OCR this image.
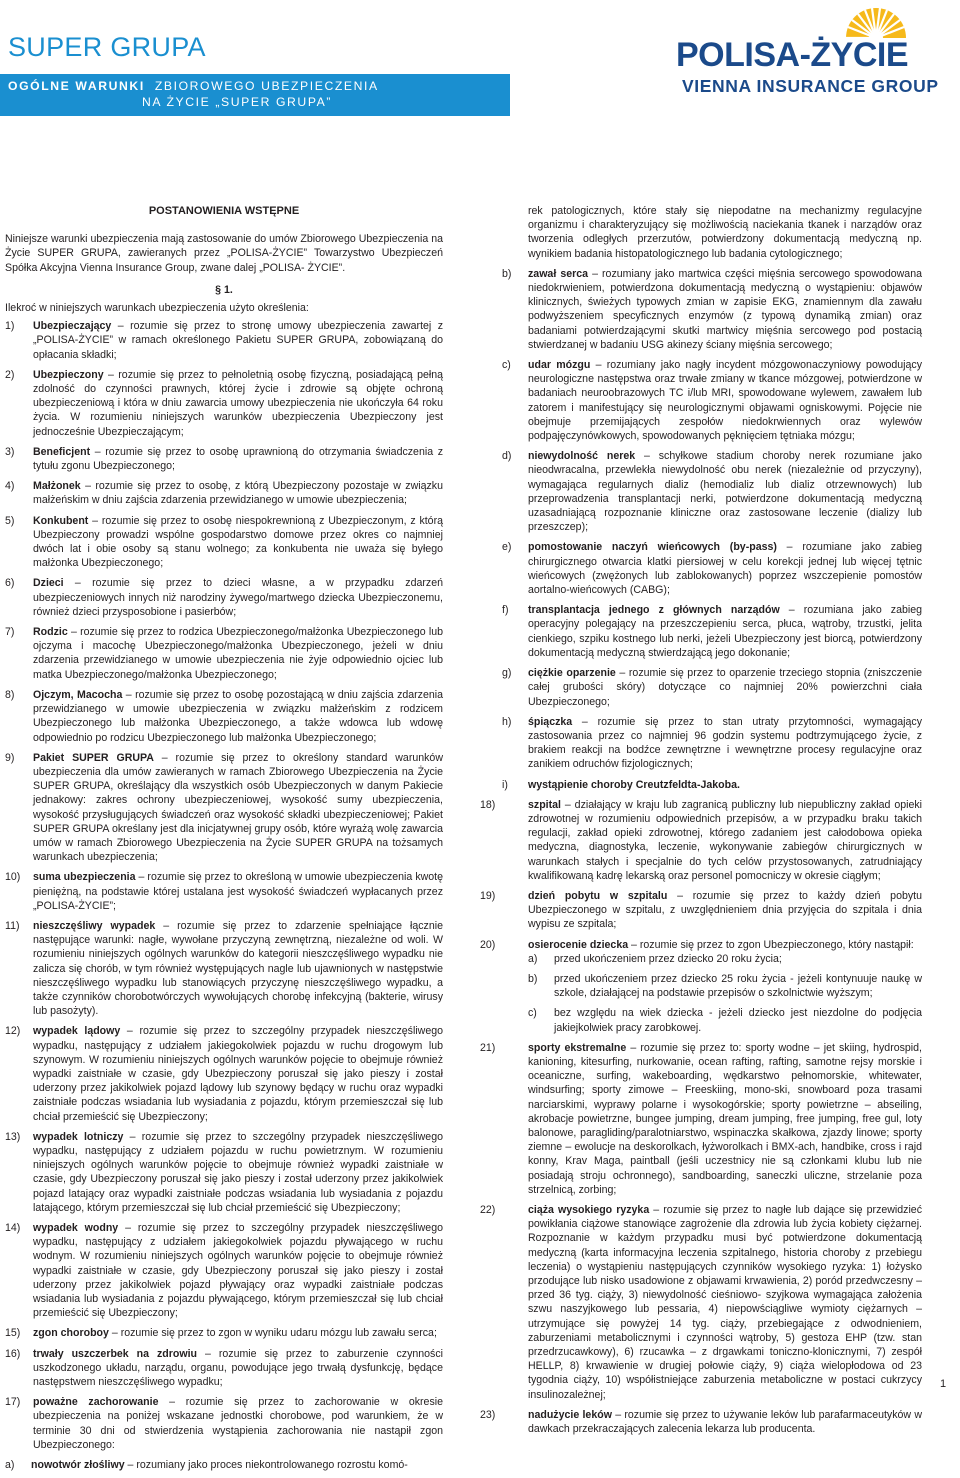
SUPER GRUPA
OGÓLNE WARUNKI ZBIOROWEGO UBEZPIECZENIA
NA ŻYCIE „SUPER GRUPA”
POLISA-ŻYCIE
VIENNA INSURANCE GROUP
POSTANOWIENIA WSTĘPNE
Niniejsze warunki ubezpieczenia mają zastosowanie do umów Zbiorowego Ubezpieczenia na Życie SUPER GRUPA, zawieranych przez „POLISA-ŻYCIE” Towarzystwo Ubezpieczeń Spółka Akcyjna Vienna Insurance Group, zwane dalej „POLISA- ŻYCIE”.
§ 1.
Ilekroć w niniejszych warunkach ubezpieczenia użyto określenia:
1) Ubezpieczający – rozumie się przez to stronę umowy ubezpieczenia zawartej z „POLISA-ŻYCIE” w ramach określonego Pakietu SUPER GRUPA, zobowiązaną do opłacania składki;
2) Ubezpieczony – rozumie się przez to pełnoletnią osobę fizyczną, posiadającą pełną zdolność do czynności prawnych, której życie i zdrowie są objęte ochroną ubezpieczeniową i która w dniu zawarcia umowy ubezpieczenia nie ukończyła 64 roku życia. W rozumieniu niniejszych warunków ubezpieczenia Ubezpieczony jest jednocześnie Ubezpieczającym;
3) Beneficjent – rozumie się przez to osobę uprawnioną do otrzymania świadczenia z tytułu zgonu Ubezpieczonego;
4) Małżonek – rozumie się przez to osobę, z którą Ubezpieczony pozostaje w związku małżeńskim w dniu zajścia zdarzenia przewidzianego w umowie ubezpieczenia;
5) Konkubent – rozumie się przez to osobę niespokrewnioną z Ubezpieczonym, z którą Ubezpieczony prowadzi wspólne gospodarstwo domowe przez okres co najmniej dwóch lat i obie osoby są stanu wolnego; za konkubenta nie uważa się byłego małżonka Ubezpieczonego;
6) Dzieci – rozumie się przez to dzieci własne, a w przypadku zdarzeń ubezpieczeniowych innych niż narodziny żywego/martwego dziecka Ubezpieczonemu, również dzieci przysposobione i pasierbów;
7) Rodzic – rozumie się przez to rodzica Ubezpieczonego/małżonka Ubezpieczonego lub ojczyma i macochę Ubezpieczonego/małżonka Ubezpieczonego, jeżeli w dniu zdarzenia przewidzianego w umowie ubezpieczenia nie żyje odpowiednio ojciec lub matka Ubezpieczonego/małżonka Ubezpieczonego;
8) Ojczym, Macocha – rozumie się przez to osobę pozostającą w dniu zajścia zdarzenia przewidzianego w umowie ubezpieczenia w związku małżeńskim z rodzicem Ubezpieczonego lub małżonka Ubezpieczonego, a także wdowca lub wdowę odpowiednio po rodzicu Ubezpieczonego lub małżonka Ubezpieczonego;
9) Pakiet SUPER GRUPA – rozumie się przez to określony standard warunków ubezpieczenia dla umów zawieranych w ramach Zbiorowego Ubezpieczenia na Życie SUPER GRUPA, określający dla wszystkich osób Ubezpieczonych w danym Pakiecie jednakowy: zakres ochrony ubezpieczeniowej, wysokość sumy ubezpieczenia, wysokość przysługujących świadczeń oraz wysokość składki ubezpieczeniowej; Pakiet SUPER GRUPA określany jest dla inicjatywnej grupy osób, które wyrażą wolę zawarcia umów w ramach Zbiorowego Ubezpieczenia na Życie SUPER GRUPA na tożsamych warunkach ubezpieczenia;
10) suma ubezpieczenia – rozumie się przez to określoną w umowie ubezpieczenia kwotę pieniężną, na podstawie której ustalana jest wysokość świadczeń wypłacanych przez „POLISA-ŻYCIE”;
11) nieszczęśliwy wypadek – rozumie się przez to zdarzenie spełniające łącznie następujące warunki: nagłe, wywołane przyczyną zewnętrzną, niezależne od woli. W rozumieniu niniejszych ogólnych warunków do kategorii nieszczęśliwego wypadku nie zalicza się chorób, w tym również występujących nagle lub ujawnionych w następstwie nieszczęśliwego wypadku lub stanowiących przyczynę nieszczęśliwego wypadku, a także czynników chorobotwórczych wywołujących chorobę infekcyjną (bakterie, wirusy lub pasożyty).
12) wypadek lądowy – rozumie się przez to szczególny przypadek nieszczęśliwego wypadku, następujący z udziałem jakiegokolwiek pojazdu w ruchu drogowym lub szynowym. W rozumieniu niniejszych ogólnych warunków pojęcie to obejmuje również wypadki zaistniałe w czasie, gdy Ubezpieczony poruszał się jako pieszy i został uderzony przez jakikolwiek pojazd lądowy lub szynowy będący w ruchu oraz wypadki zaistniałe podczas wsiadania lub wysiadania z pojazdu, którym przemieszczał się lub chciał przemieścić się Ubezpieczony;
13) wypadek lotniczy – rozumie się przez to szczególny przypadek nieszczęśliwego wypadku, następujący z udziałem pojazdu w ruchu powietrznym. W rozumieniu niniejszych ogólnych warunków pojęcie to obejmuje również wypadki zaistniałe w czasie, gdy Ubezpieczony poruszał się jako pieszy i został uderzony przez jakikolwiek pojazd latający oraz wypadki zaistniałe podczas wsiadania lub wysiadania z pojazdu latającego, którym przemieszczał się lub chciał przemieścić się Ubezpieczony;
14) wypadek wodny – rozumie się przez to szczególny przypadek nieszczęśliwego wypadku, następujący z udziałem jakiegokolwiek pojazdu pływającego w ruchu wodnym. W rozumieniu niniejszych ogólnych warunków pojęcie to obejmuje również wypadki zaistniałe w czasie, gdy Ubezpieczony poruszał się jako pieszy i został uderzony przez jakikolwiek pojazd pływający oraz wypadki zaistniałe podczas wsiadania lub wysiadania z pojazdu pływającego, którym przemieszczał się lub chciał przemieścić się Ubezpieczony;
15) zgon choroboy – rozumie się przez to zgon w wyniku udaru mózgu lub zawału serca;
16) trwały uszczerbek na zdrowiu – rozumie się przez to zaburzenie czynności uszkodzonego układu, narządu, organu, powodujące jego trwałą dysfunkcję, będące następstwem nieszczęśliwego wypadku;
17) poważne zachorowanie – rozumie się przez to zachorowanie w okresie ubezpieczenia na poniżej wskazane jednostki chorobowe, pod warunkiem, że w terminie 30 dni od stwierdzenia wystąpienia zachorowania nie nastąpił zgon Ubezpieczonego:
a) nowotwór złośliwy – rozumiany jako proces niekontrolowanego rozrostu komó-
rek patologicznych, które stały się niepodatne na mechanizmy regulacyjne organizmu i charakteryzujący się możliwością naciekania tkanek i narządów oraz tworzenia odległych przerzutów, potwierdzony dokumentacją medyczną np. wynikiem badania histopatologicznego lub badania cytologicznego;
b) zawał serca – rozumiany jako martwica części mięśnia sercowego spowodowana niedokrwieniem, potwierdzona dokumentacją medyczną o wystąpieniu: objawów klinicznych, świeżych typowych zmian w zapisie EKG, znamiennym dla zawału podwyższeniem specyficznych enzymów (z typową dynamiką zmian) oraz badaniami potwierdzającymi skutki martwicy mięśnia sercowego pod postacią stwierdzanej w badaniu USG akinezy ściany mięśnia sercowego;
c) udar mózgu – rozumiany jako nagły incydent mózgowonaczyniowy powodujący neurologiczne następstwa oraz trwałe zmiany w tkance mózgowej, potwierdzone w badaniach neuroobrazowych TC i/lub MRI, spowodowane wylewem, zawałem lub zatorem i manifestujący się neurologicznymi objawami ogniskowymi. Pojęcie nie obejmuje przemijających zespołów niedokrwiennych oraz wylewów podpajęczynówkowych, spowodowanych pęknięciem tętniaka mózgu;
d) niewydolność nerek – schyłkowe stadium choroby nerek rozumiane jako nieodwracalna, przewlekła niewydolność obu nerek (niezależnie od przyczyny), wymagająca regularnych dializ (hemodializ lub dializ otrzewnowych) lub przeprowadzenia transplantacji nerki, potwierdzone dokumentacją medyczną uzasadniającą rozpoznanie kliniczne oraz zastosowane leczenie (dializy lub przeszczep);
e) pomostowanie naczyń wieńcowych (by-pass) – rozumiane jako zabieg chirurgicznego otwarcia klatki piersiowej w celu korekcji jednej lub więcej tętnic wieńcowych (zwężonych lub zablokowanych) poprzez wszczepienie pomostów aortalno-wieńcowych (CABG);
f) transplantacja jednego z głównych narządów – rozumiana jako zabieg operacyjny polegający na przeszczepieniu serca, płuca, wątroby, trzustki, jelita cienkiego, szpiku kostnego lub nerki, jeżeli Ubezpieczony jest biorcą, potwierdzony dokumentacją medyczną stwierdzającą jego dokonanie;
g) ciężkie oparzenie – rozumie się przez to oparzenie trzeciego stopnia (zniszczenie całej grubości skóry) dotyczące co najmniej 20% powierzchni ciała Ubezpieczonego;
h) śpiączka – rozumie się przez to stan utraty przytomności, wymagający zastosowania przez co najmniej 96 godzin systemu podtrzymującego życie, z brakiem reakcji na bodźce zewnętrzne i wewnętrzne procesy regulacyjne oraz zanikiem odruchów fizjologicznych;
i) wystąpienie choroby Creutzfeldta-Jakoba.
18)	szpital – działający w kraju lub zagranicą publiczny lub niepubliczny zakład opieki zdrowotnej w rozumieniu odpowiednich przepisów, a w przypadku braku takich regulacji, zakład opieki zdrowotnej, którego zadaniem jest całodobowa opieka medyczna, diagnostyka, leczenie, wykonywanie zabiegów chirurgicznych w warunkach stałych i specjalnie do tych celów przystosowanych, zatrudniający kwalifikowaną kadrę lekarską oraz personel pomocniczy w okresie ciągłym;
19)	dzień pobytu w szpitalu – rozumie się przez to każdy dzień pobytu Ubezpieczonego w szpitalu, z uwzględnieniem dnia przyjęcia do szpitala i dnia wypisu ze szpitala;
20)	osierocenie dziecka – rozumie się przez to zgon Ubezpieczonego, który nastąpił:
a) przed ukończeniem przez dziecko 20 roku życia;
b) przed ukończeniem przez dziecko 25 roku życia - jeżeli kontynuuje naukę w szkole, działającej na podstawie przepisów o szkolnictwie wyższym;
c) bez względu na wiek dziecka - jeżeli dziecko jest niezdolne do podjęcia jakiejkolwiek pracy zarobkowej.
21)	sporty ekstremalne – rozumie się przez to: sporty wodne – jet skiing, hydrospid, kanioning, kitesurfing, nurkowanie, ocean rafting, rafting, samotne rejsy morskie i oceaniczne, surfing, wakeboarding, wędkarstwo pełnomorskie, whitewater, windsurfing; sporty zimowe – Freeskiing, mono-ski, snowboard poza trasami narciarskimi, wyprawy polarne i wysokogórskie; sporty powietrzne – abseiling, akrobacje powietrzne, bungee jumping, dream jumping, free jumping, free gul, loty balonowe, paragliding/paralotniarstwo, wspinaczka skałkowa, zjazdy linowe; sporty ziemne – ewolucje na deskorolkach, łyżworolkach i BMX-ach, handbike, cross i rajd konny, Krav Maga, paintball (jeśli uczestnicy nie są członkami klubu lub nie posiadają stroju ochronnego), sandboarding, saneczki uliczne, strzelanie poza strzelnicą, zorbing;
22)	ciąża wysokiego ryzyka – rozumie się przez to nagłe lub dające się przewidzieć powikłania ciążowe stanowiące zagrożenie dla zdrowia lub życia kobiety ciężarnej. Rozpoznanie w każdym przypadku musi być potwierdzone dokumentacją medyczną (karta informacyjna leczenia szpitalnego, historia choroby z przebiegu leczenia) o wystąpieniu następujących czynników wysokiego ryzyka: 1) łożysko przodujące lub nisko usadowione z objawami krwawienia, 2) poród przedwczesny – przed 36 tyg. ciąży, 3) niewydolność cieśniowo- szyjkowa wymagająca założenia szwu naszyjkowego lub pessaria, 4) niepowściągliwe wymioty ciężarnych – utrzymujące się powyżej 14 tyg. ciąży, przebiegające z odwodnieniem, zaburzeniami metabolicznymi i czynności wątroby, 5) gestoza EHP (tzw. stan przedrzucawkowy), 6) rzucawka – z drgawkami toniczno-klonicznymi, 7) zespół HELLP, 8) krwawienie w drugiej połowie ciąży, 9) ciąża wielopłodowa od 23 tygodnia ciąży, 10) współistniejące zaburzenia metaboliczne w postaci cukrzycy insulinozależnej;
23)	nadużycie leków – rozumie się przez to używanie leków lub parafarmaceutyków w dawkach przekraczających zalecenia lekarza lub producenta.
1
